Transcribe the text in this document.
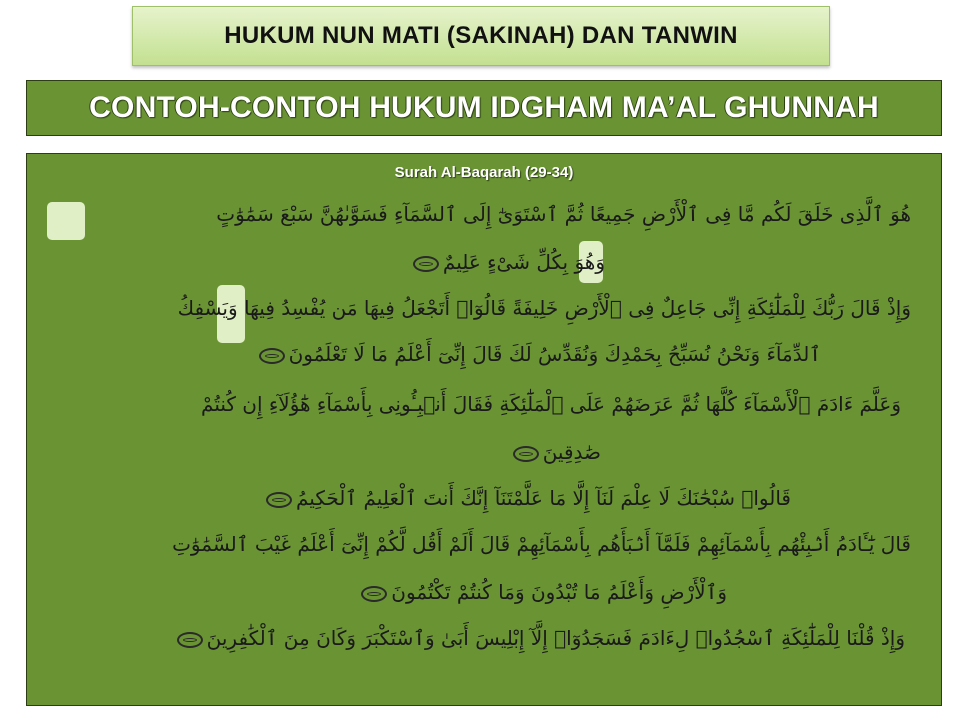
HUKUM NUN MATI (SAKINAH) DAN TANWIN
CONTOH-CONTOH HUKUM IDGHAM MA’AL GHUNNAH
Surah Al-Baqarah (29-34)
هُوَ ٱلَّذِى خَلَقَ لَكُم مَّا فِى ٱلْأَرْضِ جَمِيعًا ثُمَّ ٱسْتَوَىٰٓ إِلَى ٱلسَّمَآءِ فَسَوَّىٰهُنَّ سَبْعَ سَمَٰوَٰتٍ
وَهُوَ بِكُلِّ شَىْءٍ عَلِيمٌ
وَإِذْ قَالَ رَبُّكَ لِلْمَلَٰٓئِكَةِ إِنِّى جَاعِلٌ فِى ٱلْأَرْضِ خَلِيفَةً قَالُوٓا۟ أَتَجْعَلُ فِيهَا مَن يُفْسِدُ فِيهَا وَيَسْفِكُ
ٱلدِّمَآءَ وَنَحْنُ نُسَبِّحُ بِحَمْدِكَ وَنُقَدِّسُ لَكَ قَالَ إِنِّىٓ أَعْلَمُ مَا لَا تَعْلَمُونَ
وَعَلَّمَ ءَادَمَ ٱلْأَسْمَآءَ كُلَّهَا ثُمَّ عَرَضَهُمْ عَلَى ٱلْمَلَٰٓئِكَةِ فَقَالَ أَنۢبِـُٔونِى بِأَسْمَآءِ هَٰٓؤُلَآءِ إِن كُنتُمْ
صَٰدِقِينَ
قَالُوا۟ سُبْحَٰنَكَ لَا عِلْمَ لَنَآ إِلَّا مَا عَلَّمْتَنَآ إِنَّكَ أَنتَ ٱلْعَلِيمُ ٱلْحَكِيمُ
قَالَ يَٰٓـَٔادَمُ أَنۢبِئْهُم بِأَسْمَآئِهِمْ فَلَمَّآ أَنۢبَأَهُم بِأَسْمَآئِهِمْ قَالَ أَلَمْ أَقُل لَّكُمْ إِنِّىٓ أَعْلَمُ غَيْبَ ٱلسَّمَٰوَٰتِ
وَٱلْأَرْضِ وَأَعْلَمُ مَا تُبْدُونَ وَمَا كُنتُمْ تَكْتُمُونَ
وَإِذْ قُلْنَا لِلْمَلَٰٓئِكَةِ ٱسْجُدُوا۟ لِءَادَمَ فَسَجَدُوٓا۟ إِلَّآ إِبْلِيسَ أَبَىٰ وَٱسْتَكْبَرَ وَكَانَ مِنَ ٱلْكَٰفِرِينَ
